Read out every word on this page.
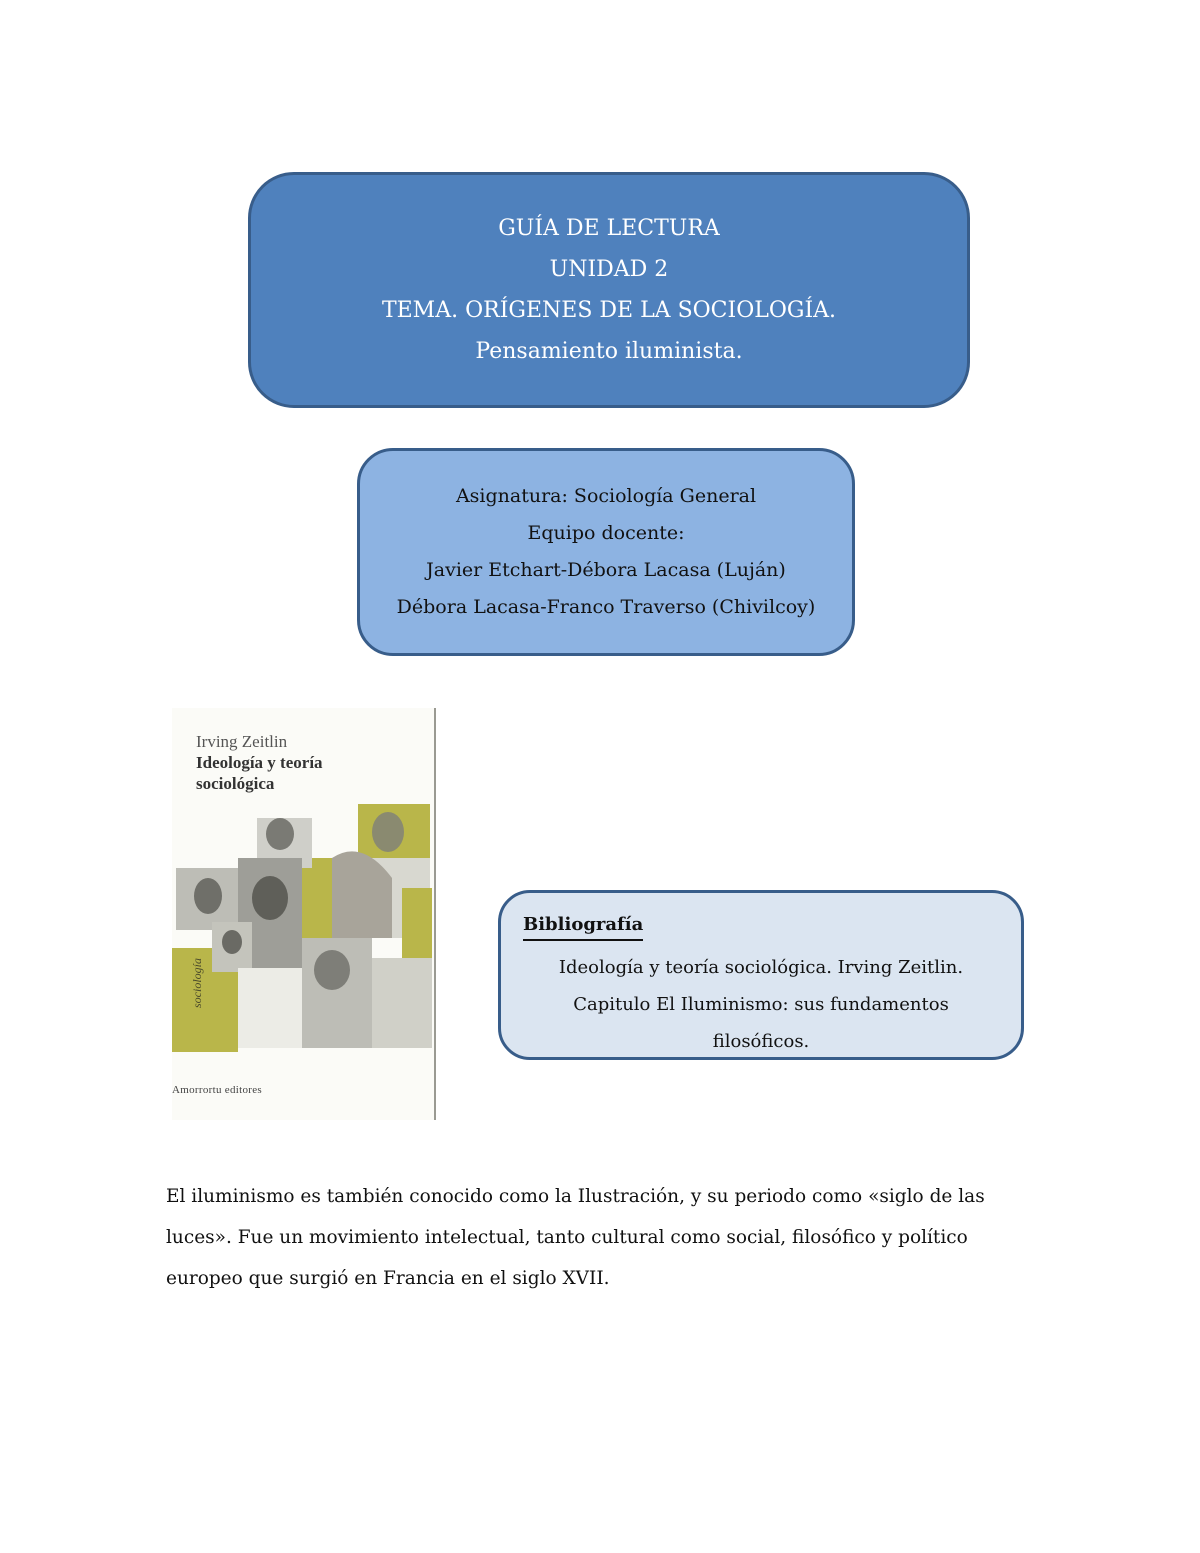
GUÍA DE LECTURA
UNIDAD 2
TEMA. ORÍGENES DE LA SOCIOLOGÍA.
Pensamiento iluminista.
Asignatura: Sociología General
Equipo docente:
Javier Etchart-Débora Lacasa (Luján)
Débora Lacasa-Franco Traverso (Chivilcoy)
Irving Zeitlin
Ideología y teoría sociológica
sociología
Amorrortu editores
Bibliografía
Ideología y teoría sociológica. Irving Zeitlin.
Capitulo El Iluminismo: sus fundamentos
filosóficos.
El iluminismo es también conocido como la Ilustración, y su periodo como «siglo de las
luces». Fue un movimiento intelectual, tanto cultural como social, filosófico y político
europeo que surgió en Francia en el siglo XVII.
